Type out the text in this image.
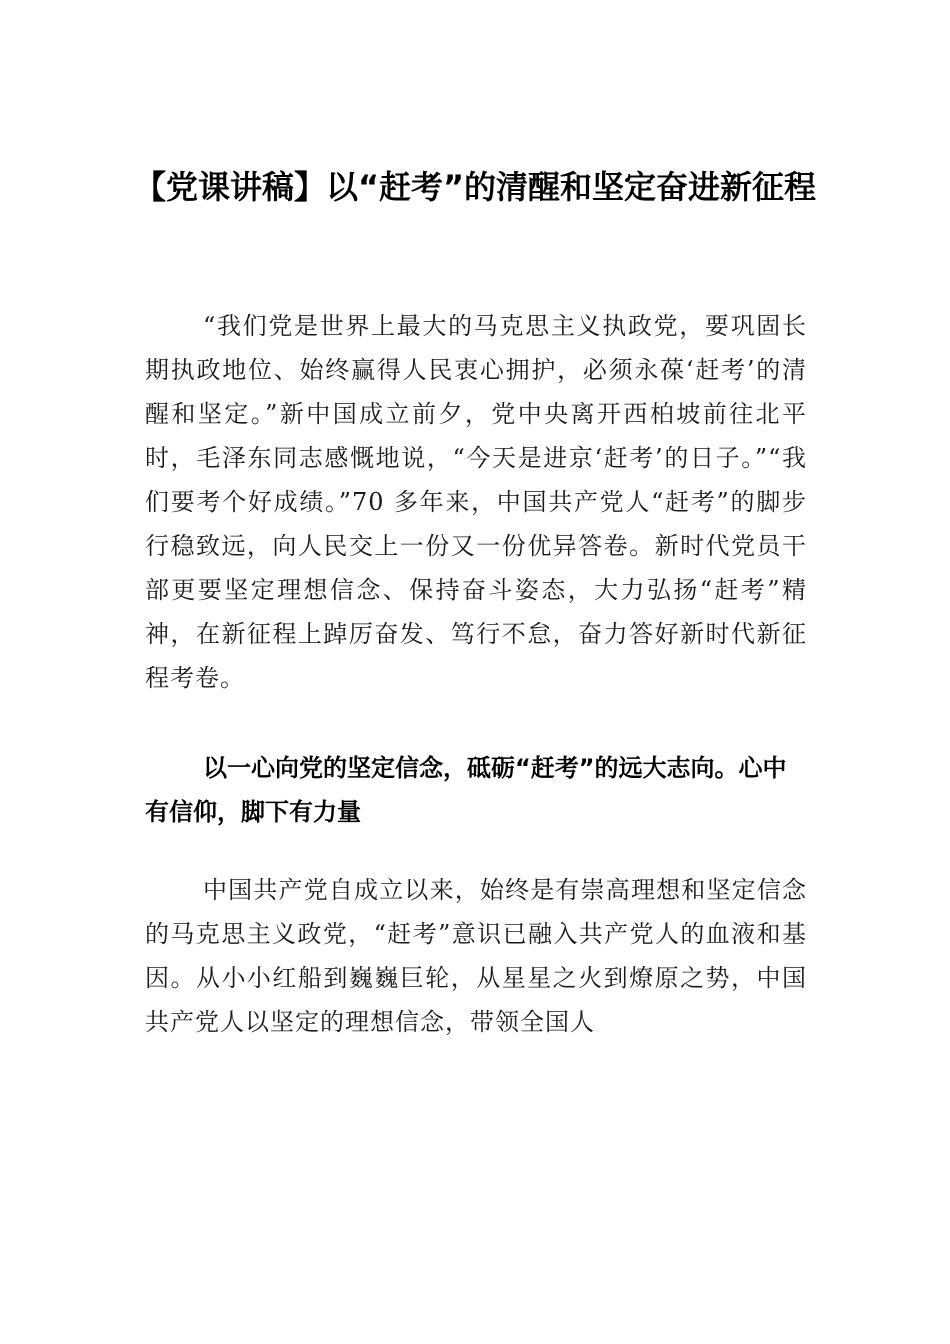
【党课讲稿】以“赶考”的清醒和坚定奋进新征程

“我们党是世界上最大的马克思主义执政党，要巩固长期执政地位、始终赢得人民衷心拥护，必须永葆‘赶考’的清醒和坚定。”新中国成立前夕，党中央离开西柏坡前往北平时，毛泽东同志感慨地说，“今天是进京‘赶考’的日子。”“我们要考个好成绩。”70 多年来，中国共产党人“赶考”的脚步行稳致远，向人民交上一份又一份优异答卷。新时代党员干部更要坚定理想信念、保持奋斗姿态，大力弘扬“赶考”精神，在新征程上踔厉奋发、笃行不怠，奋力答好新时代新征程考卷。

以一心向党的坚定信念，砥砺“赶考”的远大志向。心中有信仰，脚下有力量

中国共产党自成立以来，始终是有崇高理想和坚定信念的马克思主义政党，“赶考”意识已融入共产党人的血液和基因。从小小红船到巍巍巨轮，从星星之火到燎原之势，中国共产党人以坚定的理想信念，带领全国人
